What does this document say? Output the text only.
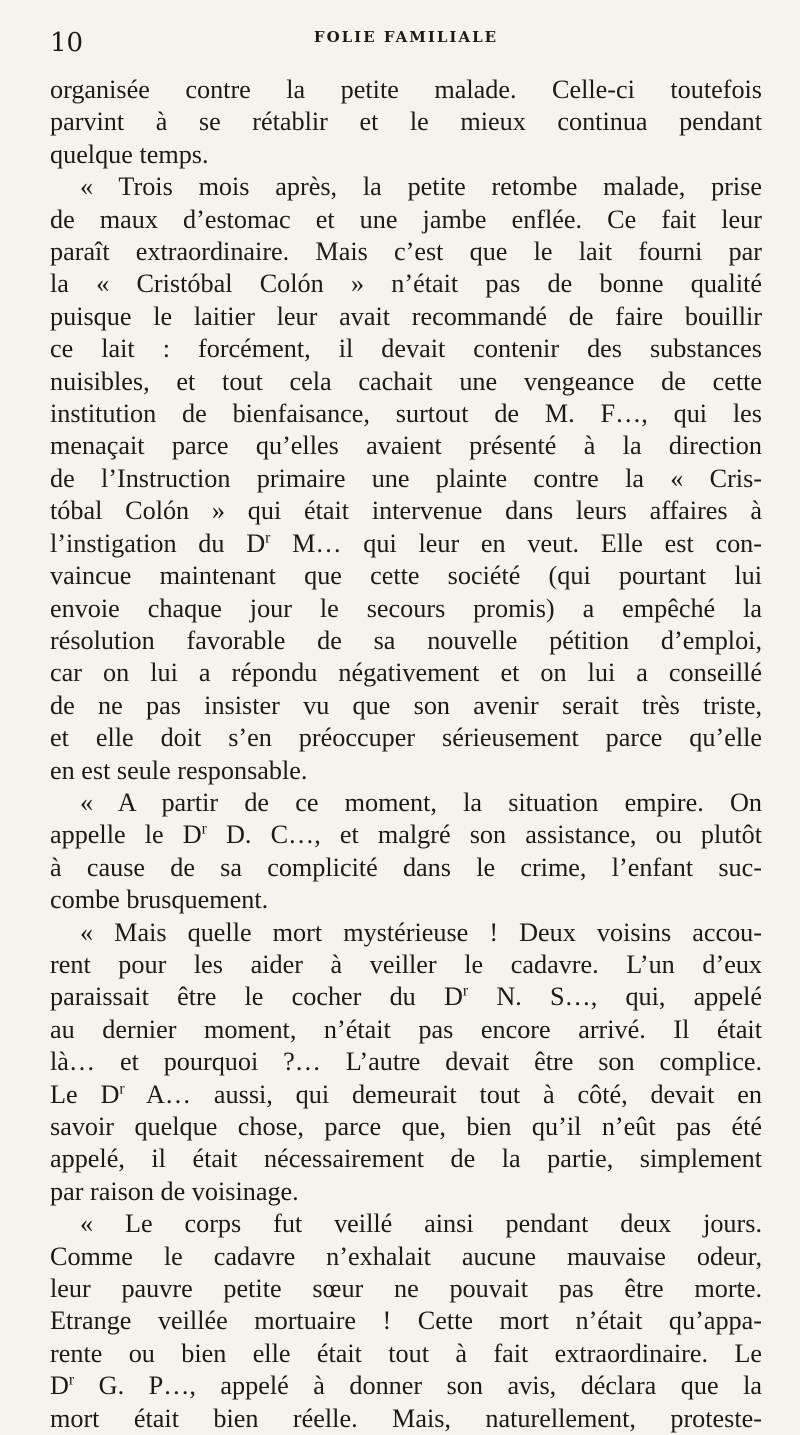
10	FOLIE FAMILIALE

organisée contre la petite malade. Celle-ci toutefois
parvint à se rétablir et le mieux continua pendant
quelque temps.

« Trois mois après, la petite retombe malade, prise
de maux d’estomac et une jambe enflée. Ce fait leur
paraît extraordinaire. Mais c’est que le lait fourni par
la « Cristóbal Colón » n’était pas de bonne qualité
puisque le laitier leur avait recommandé de faire bouillir
ce lait : forcément, il devait contenir des substances
nuisibles, et tout cela cachait une vengeance de cette
institution de bienfaisance, surtout de M. F…, qui les
menaçait parce qu’elles avaient présenté à la direction
de l’Instruction primaire une plainte contre la « Cris-
tóbal Colón » qui était intervenue dans leurs affaires à
l’instigation du $D^r$ M… qui leur en veut. Elle est con-
vaincue maintenant que cette société (qui pourtant lui
envoie chaque jour le secours promis) a empêché la
résolution favorable de sa nouvelle pétition d’emploi,
car on lui a répondu négativement et on lui a conseillé
de ne pas insister vu que son avenir serait très triste,
et elle doit s’en préoccuper sérieusement parce qu’elle
en est seule responsable.

« A partir de ce moment, la situation empire. On
appelle le $D^r$ D. C…, et malgré son assistance, ou plutôt
à cause de sa complicité dans le crime, l’enfant suc-
combe brusquement.

« Mais quelle mort mystérieuse ! Deux voisins accou-
rent pour les aider à veiller le cadavre. L’un d’eux
paraissait être le cocher du $D^r$ N. S…, qui, appelé
au dernier moment, n’était pas encore arrivé. Il était
là… et pourquoi ?… L’autre devait être son complice.
Le $D^r$ A… aussi, qui demeurait tout à côté, devait en
savoir quelque chose, parce que, bien qu’il n’eût pas été
appelé, il était nécessairement de la partie, simplement
par raison de voisinage.

« Le corps fut veillé ainsi pendant deux jours.
Comme le cadavre n’exhalait aucune mauvaise odeur,
leur pauvre petite sœur ne pouvait pas être morte.
Etrange veillée mortuaire ! Cette mort n’était qu’appa-
rente ou bien elle était tout à fait extraordinaire. Le
$D^r$ G. P…, appelé à donner son avis, déclara que la
mort était bien réelle. Mais, naturellement, proteste-
